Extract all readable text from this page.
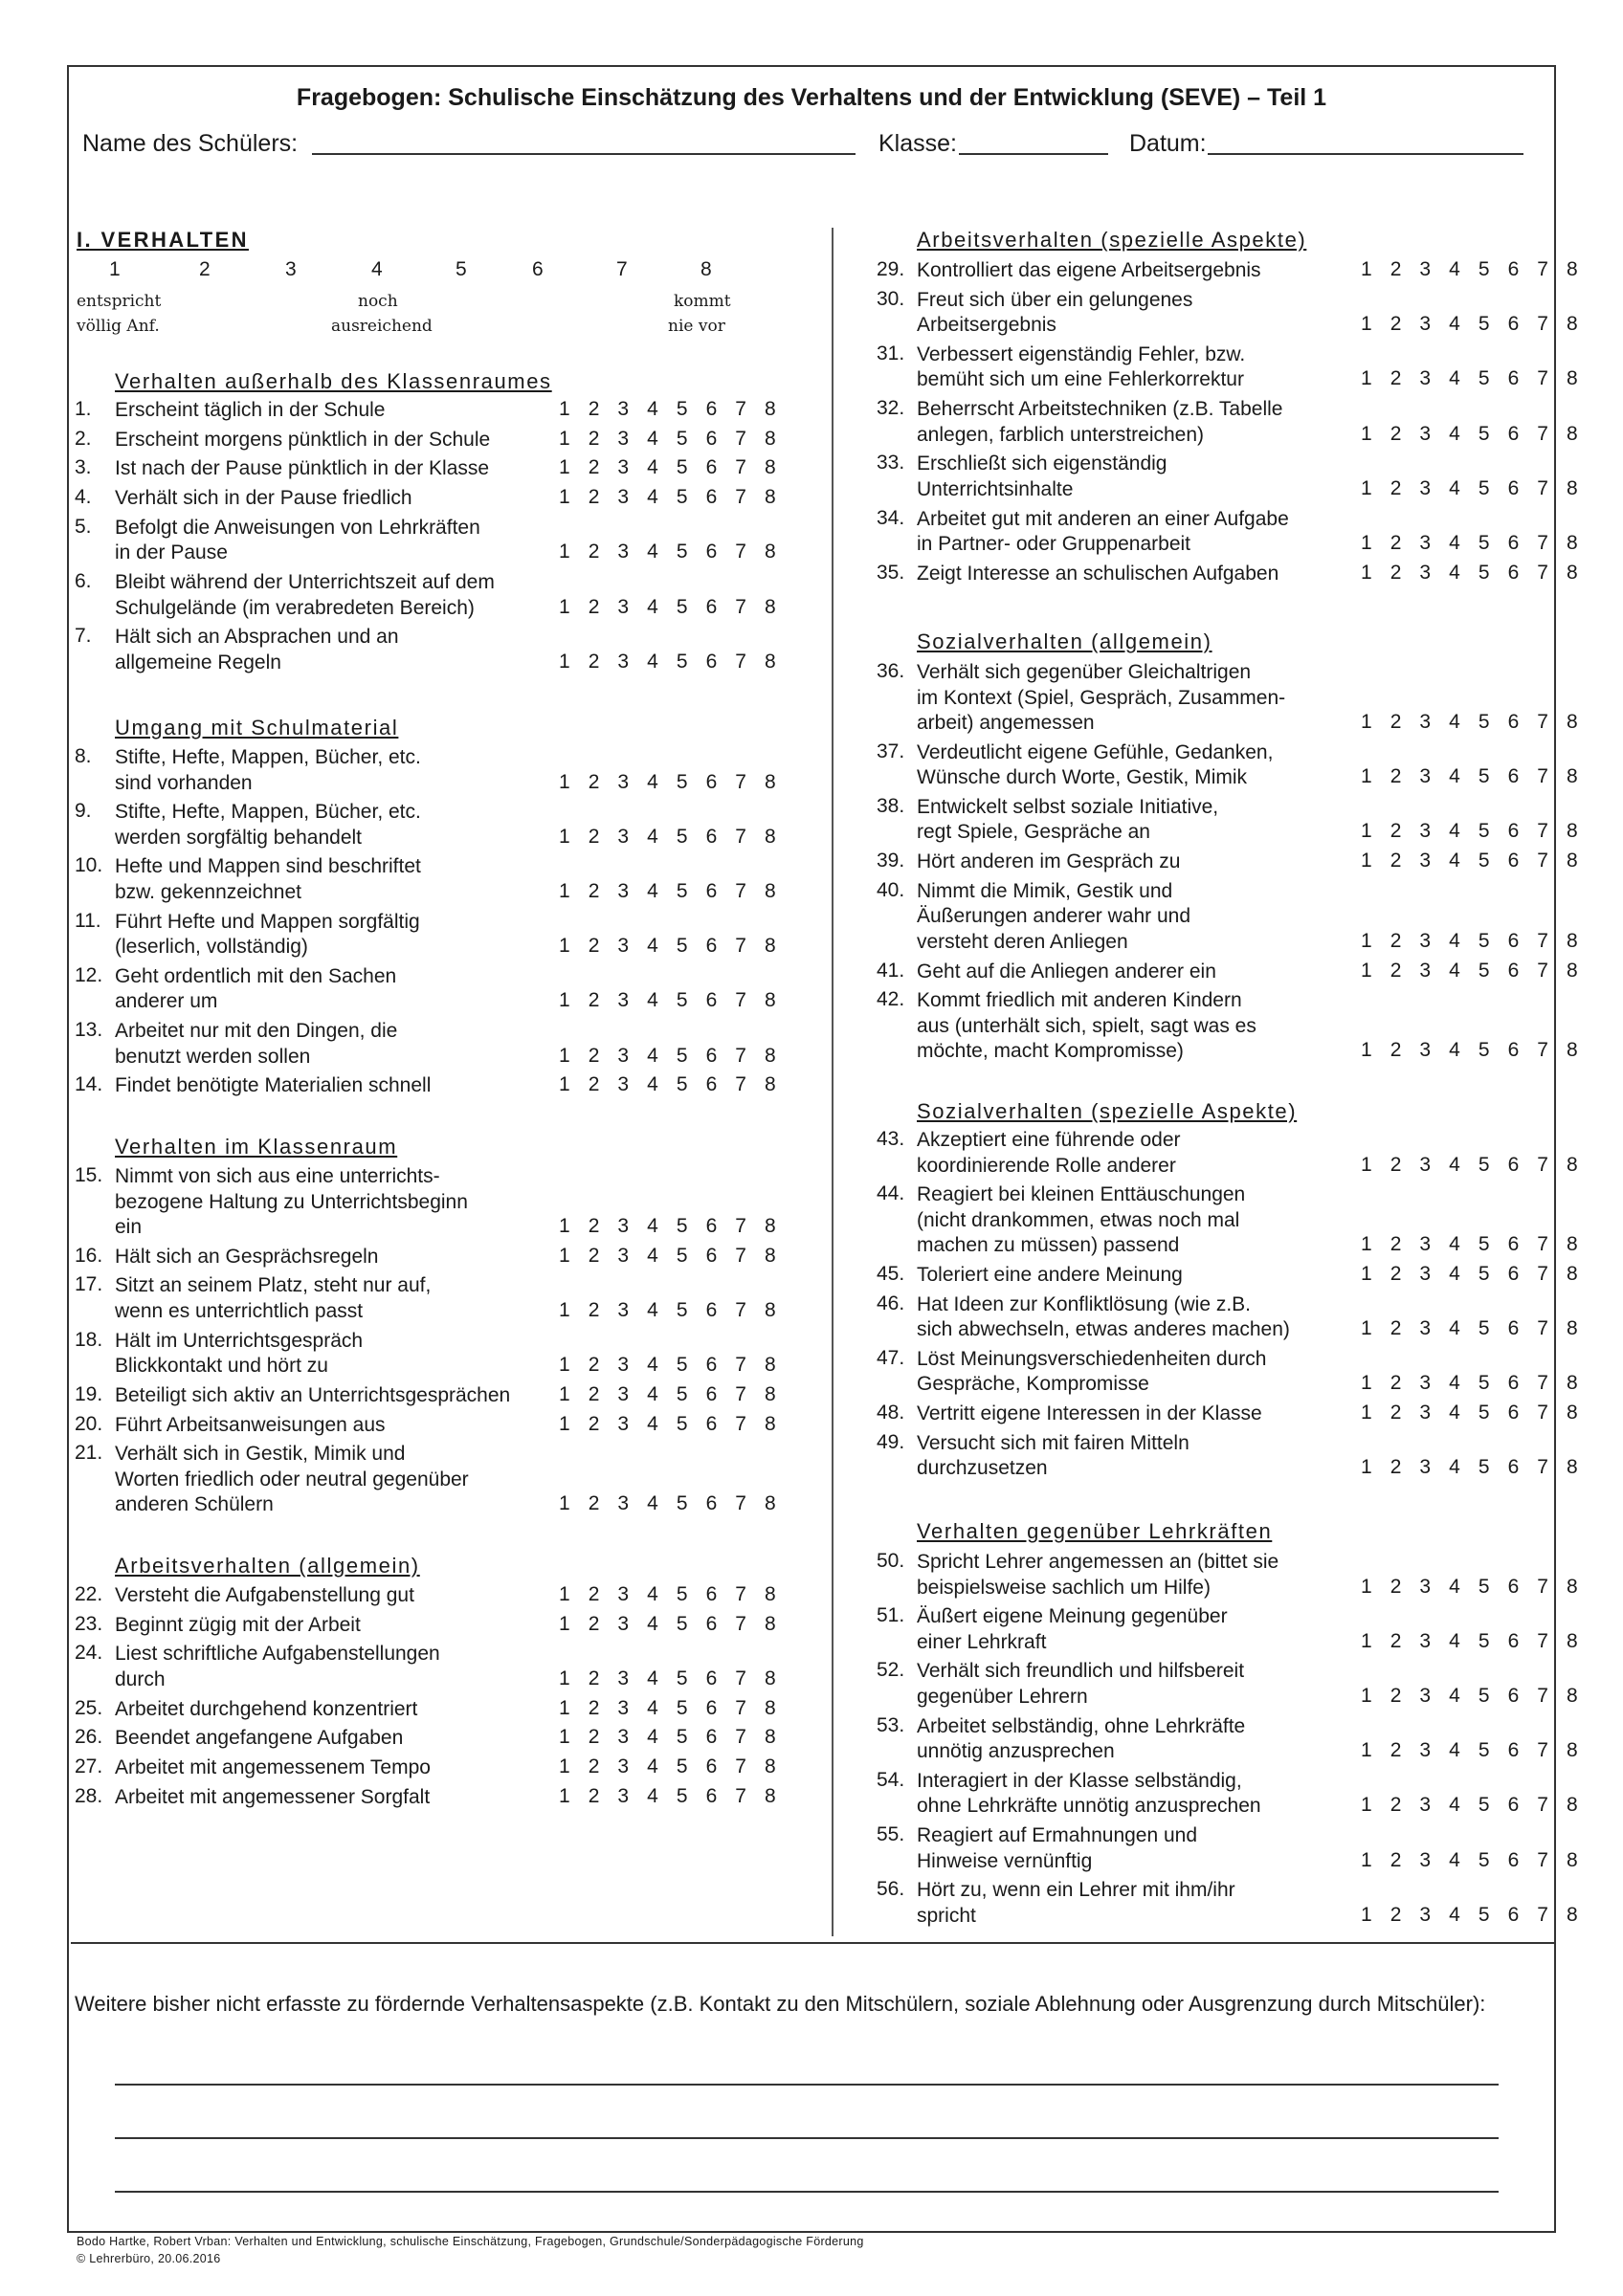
Fragebogen: Schulische Einschätzung des Verhaltens und der Entwicklung (SEVE) – Teil 1
Name des Schülers:	Klasse:	Datum:
I. VERHALTEN
1	2	3	4	5	6	7	8
entspricht
völlig Anf.
noch
ausreichend
kommt
nie vor
Verhalten außerhalb des Klassenraumes
1. Erscheint täglich in der Schule	1 2 3 4 5 6 7 8
2. Erscheint morgens pünktlich in der Schule	1 2 3 4 5 6 7 8
3. Ist nach der Pause pünktlich in der Klasse	1 2 3 4 5 6 7 8
4. Verhält sich in der Pause friedlich	1 2 3 4 5 6 7 8
5. Befolgt die Anweisungen von Lehrkräften
in der Pause	1 2 3 4 5 6 7 8
6. Bleibt während der Unterrichtszeit auf dem
Schulgelände (im verabredeten Bereich)	1 2 3 4 5 6 7 8
7. Hält sich an Absprachen und an
allgemeine Regeln	1 2 3 4 5 6 7 8
Umgang mit Schulmaterial
8. Stifte, Hefte, Mappen, Bücher, etc.
sind vorhanden	1 2 3 4 5 6 7 8
9. Stifte, Hefte, Mappen, Bücher, etc.
werden sorgfältig behandelt	1 2 3 4 5 6 7 8
10. Hefte und Mappen sind beschriftet
bzw. gekennzeichnet	1 2 3 4 5 6 7 8
11. Führt Hefte und Mappen sorgfältig
(leserlich, vollständig)	1 2 3 4 5 6 7 8
12. Geht ordentlich mit den Sachen
anderer um	1 2 3 4 5 6 7 8
13. Arbeitet nur mit den Dingen, die
benutzt werden sollen	1 2 3 4 5 6 7 8
14. Findet benötigte Materialien schnell	1 2 3 4 5 6 7 8
Verhalten im Klassenraum
15. Nimmt von sich aus eine unterrichts-
bezogene Haltung zu Unterrichtsbeginn
ein	1 2 3 4 5 6 7 8
16. Hält sich an Gesprächsregeln	1 2 3 4 5 6 7 8
17. Sitzt an seinem Platz, steht nur auf,
wenn es unterrichtlich passt	1 2 3 4 5 6 7 8
18. Hält im Unterrichtsgespräch
Blickkontakt und hört zu	1 2 3 4 5 6 7 8
19. Beteiligt sich aktiv an Unterrichtsgesprächen 1 2 3 4 5 6 7 8
20. Führt Arbeitsanweisungen aus	1 2 3 4 5 6 7 8
21. Verhält sich in Gestik, Mimik und
Worten friedlich oder neutral gegenüber
anderen Schülern	1 2 3 4 5 6 7 8
Arbeitsverhalten (allgemein)
22. Versteht die Aufgabenstellung gut	1 2 3 4 5 6 7 8
23. Beginnt zügig mit der Arbeit	1 2 3 4 5 6 7 8
24. Liest schriftliche Aufgabenstellungen
durch	1 2 3 4 5 6 7 8
25. Arbeitet durchgehend konzentriert	1 2 3 4 5 6 7 8
26. Beendet angefangene Aufgaben	1 2 3 4 5 6 7 8
27. Arbeitet mit angemessenem Tempo	1 2 3 4 5 6 7 8
28. Arbeitet mit angemessener Sorgfalt	1 2 3 4 5 6 7 8
Arbeitsverhalten (spezielle Aspekte)
29. Kontrolliert das eigene Arbeitsergebnis	1 2 3 4 5 6 7 8
30. Freut sich über ein gelungenes
Arbeitsergebnis	1 2 3 4 5 6 7 8
31. Verbessert eigenständig Fehler, bzw.
bemüht sich um eine Fehlerkorrektur	1 2 3 4 5 6 7 8
32. Beherrscht Arbeitstechniken (z.B. Tabelle
anlegen, farblich unterstreichen)	1 2 3 4 5 6 7 8
33. Erschließt sich eigenständig
Unterrichtsinhalte	1 2 3 4 5 6 7 8
34. Arbeitet gut mit anderen an einer Aufgabe
in Partner- oder Gruppenarbeit	1 2 3 4 5 6 7 8
35. Zeigt Interesse an schulischen Aufgaben	1 2 3 4 5 6 7 8
Sozialverhalten (allgemein)
36. Verhält sich gegenüber Gleichaltrigen
im Kontext (Spiel, Gespräch, Zusammen-
arbeit) angemessen	1 2 3 4 5 6 7 8
37. Verdeutlicht eigene Gefühle, Gedanken,
Wünsche durch Worte, Gestik, Mimik	1 2 3 4 5 6 7 8
38. Entwickelt selbst soziale Initiative,
regt Spiele, Gespräche an	1 2 3 4 5 6 7 8
39. Hört anderen im Gespräch zu	1 2 3 4 5 6 7 8
40. Nimmt die Mimik, Gestik und
Äußerungen anderer wahr und
versteht deren Anliegen	1 2 3 4 5 6 7 8
41. Geht auf die Anliegen anderer ein	1 2 3 4 5 6 7 8
42. Kommt friedlich mit anderen Kindern
aus (unterhält sich, spielt, sagt was es
möchte, macht Kompromisse)	1 2 3 4 5 6 7 8
Sozialverhalten (spezielle Aspekte)
43. Akzeptiert eine führende oder
koordinierende Rolle anderer	1 2 3 4 5 6 7 8
44. Reagiert bei kleinen Enttäuschungen
(nicht drankommen, etwas noch mal
machen zu müssen) passend	1 2 3 4 5 6 7 8
45. Toleriert eine andere Meinung	1 2 3 4 5 6 7 8
46. Hat Ideen zur Konfliktlösung (wie z.B.
sich abwechseln, etwas anderes machen)	1 2 3 4 5 6 7 8
47. Löst Meinungsverschiedenheiten durch
Gespräche, Kompromisse	1 2 3 4 5 6 7 8
48. Vertritt eigene Interessen in der Klasse	1 2 3 4 5 6 7 8
49. Versucht sich mit fairen Mitteln
durchzusetzen	1 2 3 4 5 6 7 8
Verhalten gegenüber Lehrkräften
50. Spricht Lehrer angemessen an (bittet sie
beispielsweise sachlich um Hilfe)	1 2 3 4 5 6 7 8
51. Äußert eigene Meinung gegenüber
einer Lehrkraft	1 2 3 4 5 6 7 8
52. Verhält sich freundlich und hilfsbereit
gegenüber Lehrern	1 2 3 4 5 6 7 8
53. Arbeitet selbständig, ohne Lehrkräfte
unnötig anzusprechen	1 2 3 4 5 6 7 8
54. Interagiert in der Klasse selbständig,
ohne Lehrkräfte unnötig anzusprechen	1 2 3 4 5 6 7 8
55. Reagiert auf Ermahnungen und
Hinweise vernünftig	1 2 3 4 5 6 7 8
56. Hört zu, wenn ein Lehrer mit ihm/ihr
spricht	1 2 3 4 5 6 7 8
Weitere bisher nicht erfasste zu fördernde Verhaltensaspekte (z.B. Kontakt zu den Mitschülern, soziale Ablehnung oder Ausgrenzung durch Mitschüler):
Bodo Hartke, Robert Vrban: Verhalten und Entwicklung, schulische Einschätzung, Fragebogen, Grundschule/Sonderpädagogische Förderung
© Lehrerbüro, 20.06.2016
